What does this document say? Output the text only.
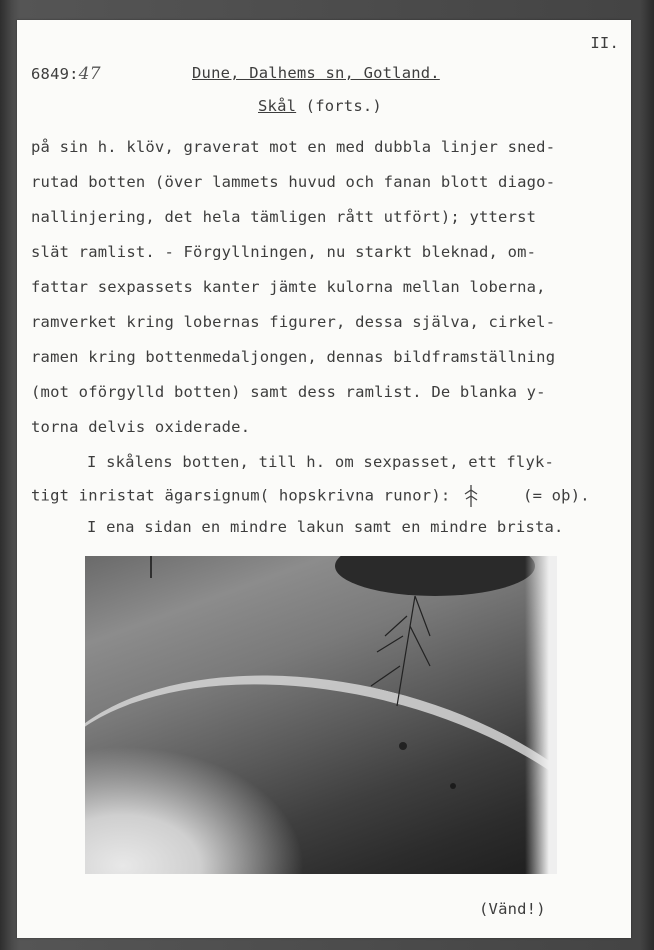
II.
6849:47	Dune, Dalhems sn, Gotland.
Skål (forts.)
på sin h. klöv, graverat mot en med dubbla linjer sned-
rutad botten (över lammets huvud och fanan blott diago-
nallinjering, det hela tämligen rått utfört); ytterst
slät ramlist. - Förgyllningen, nu starkt bleknad, om-
fattar sexpassets kanter jämte kulorna mellan loberna,
ramverket kring lobernas figurer, dessa själva, cirkel-
ramen kring bottenmedaljongen, dennas bildframställning
(mot oförgylld botten) samt dess ramlist. De blanka y-
torna delvis oxiderade.
I skålens botten, till h. om sexpasset, ett flyk-
tigt inristat ägarsignum( hopskrivna runor):	(= oþ).
I ena sidan en mindre lakun samt en mindre brista.
(Vänd!)
